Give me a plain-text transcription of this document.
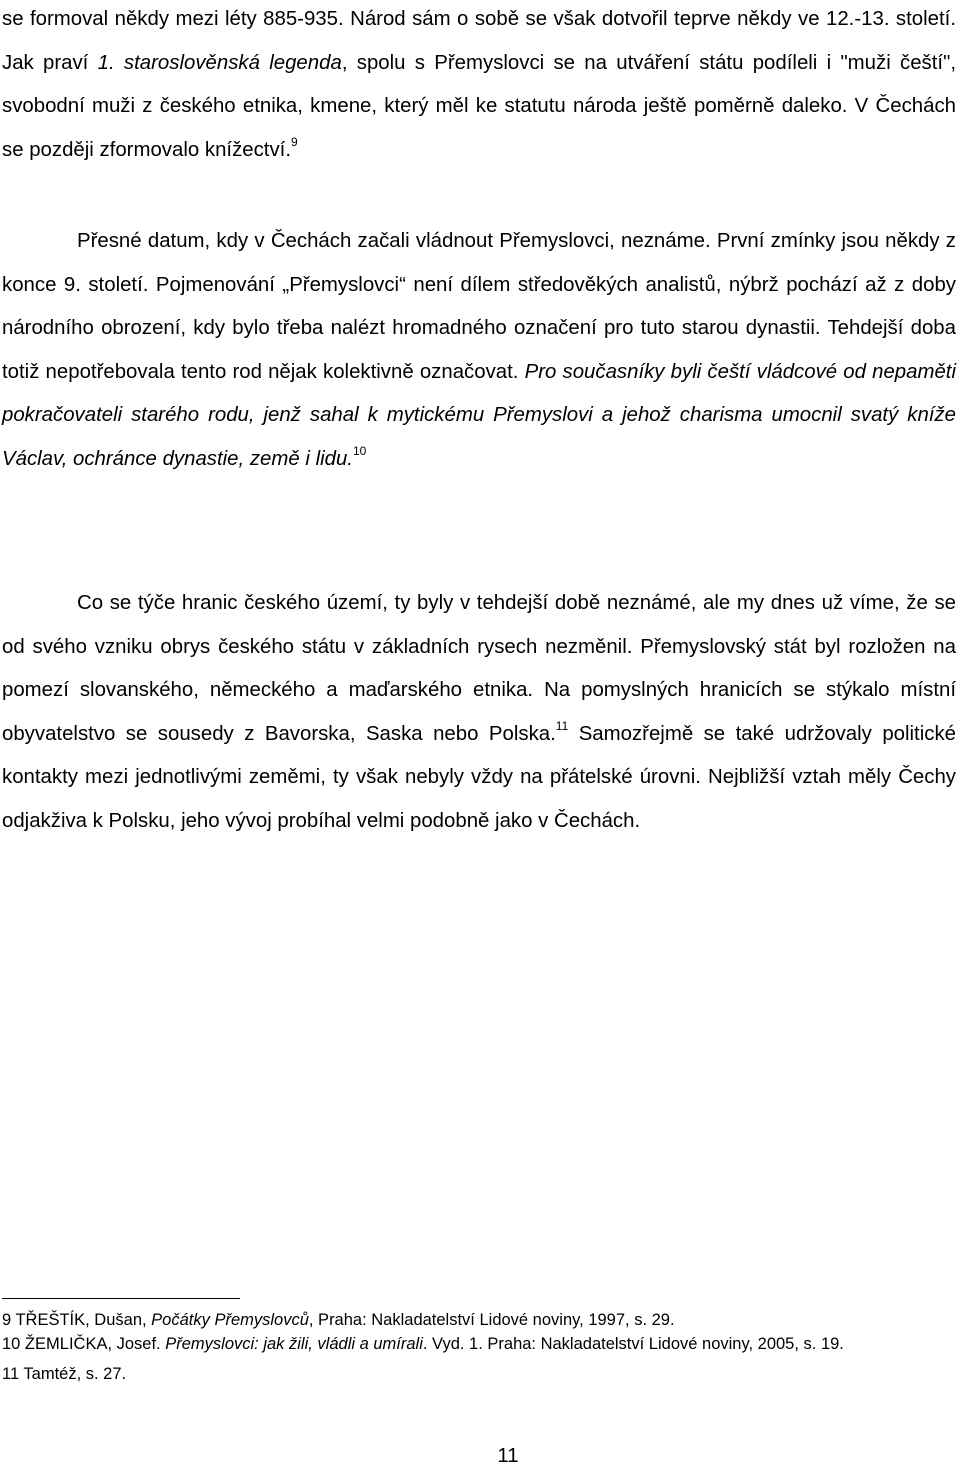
se formoval někdy mezi léty 885-935. Národ sám o sobě se však dotvořil teprve někdy ve 12.-13. století. Jak praví 1. staroslověnská legenda, spolu s Přemyslovci se na utváření státu podíleli i "muži čeští", svobodní muži z českého etnika, kmene, který měl ke statutu národa ještě poměrně daleko. V Čechách se později zformovalo knížectví.$^9$

Přesné datum, kdy v Čechách začali vládnout Přemyslovci, neznáme. První zmínky jsou někdy z konce 9. století. Pojmenování „Přemyslovci“ není dílem středověkých analistů, nýbrž pochází až z doby národního obrození, kdy bylo třeba nalézt hromadného označení pro tuto starou dynastii. Tehdejší doba totiž nepotřebovala tento rod nějak kolektivně označovat. Pro současníky byli čeští vládcové od nepaměti pokračovateli starého rodu, jenž sahal k mytickému Přemyslovi a jehož charisma umocnil svatý kníže Václav, ochránce dynastie, země i lidu.$^{10}$

Co se týče hranic českého území, ty byly v tehdejší době neznámé, ale my dnes už víme, že se od svého vzniku obrys českého státu v základních rysech nezměnil. Přemyslovský stát byl rozložen na pomezí slovanského, německého a maďarského etnika. Na pomyslných hranicích se stýkalo místní obyvatelstvo se sousedy z Bavorska, Saska nebo Polska.$^{11}$ Samozřejmě se také udržovaly politické kontakty mezi jednotlivými zeměmi, ty však nebyly vždy na přátelské úrovni. Nejbližší vztah měly Čechy odjakživa k Polsku, jeho vývoj probíhal velmi podobně jako v Čechách.

9 TŘEŠTÍK, Dušan, Počátky Přemyslovců, Praha: Nakladatelství Lidové noviny, 1997, s. 29.

10 ŽEMLIČKA, Josef. Přemyslovci: jak žili, vládli a umírali. Vyd. 1. Praha: Nakladatelství Lidové noviny, 2005, s. 19.

11 Tamtéž, s. 27.

11
